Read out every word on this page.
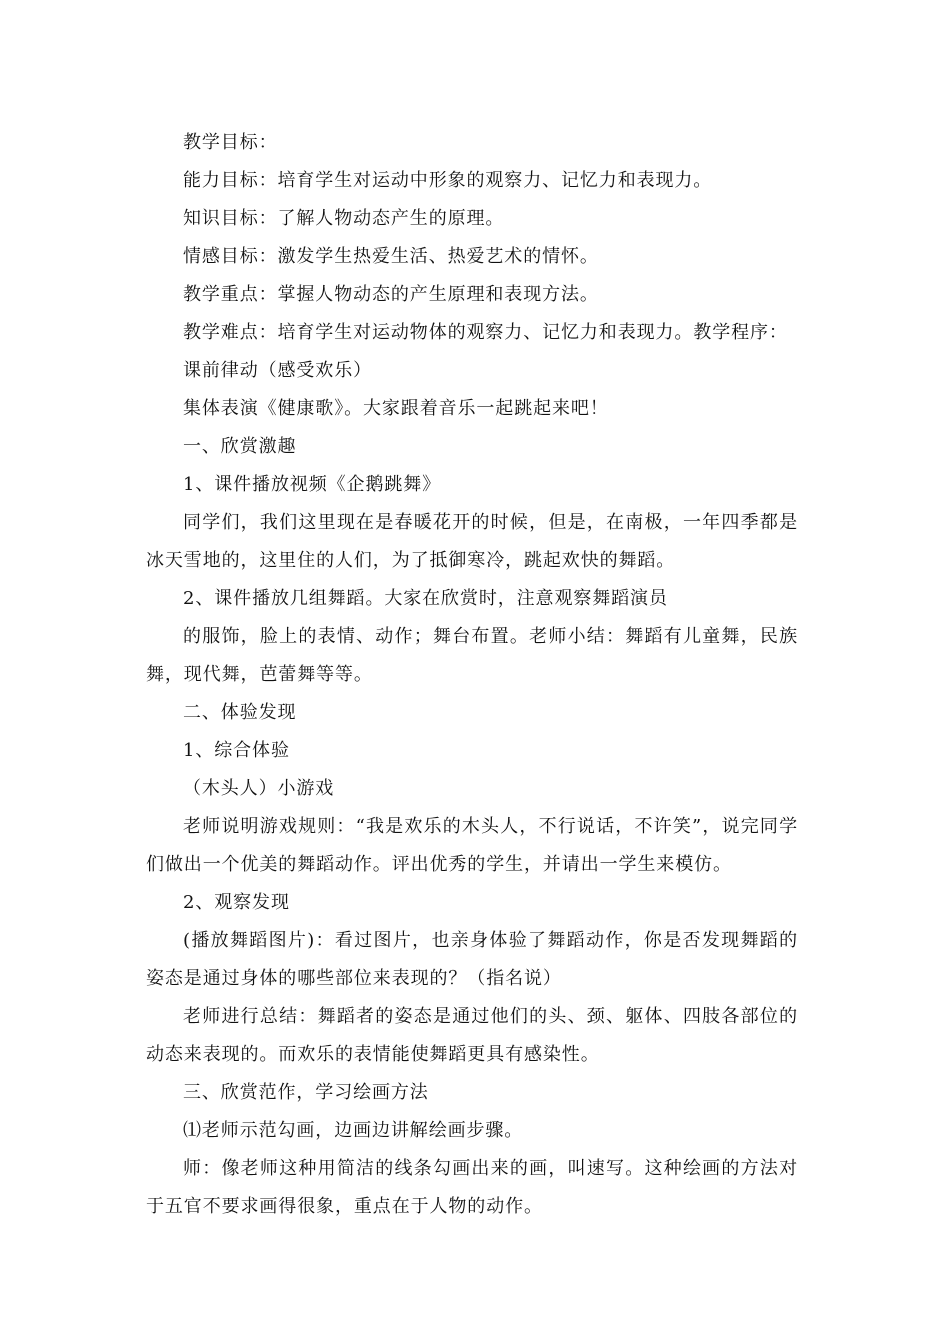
教学目标：

能力目标：培育学生对运动中形象的观察力、记忆力和表现力。

知识目标：了解人物动态产生的原理。

情感目标：激发学生热爱生活、热爱艺术的情怀。

教学重点：掌握人物动态的产生原理和表现方法。

教学难点：培育学生对运动物体的观察力、记忆力和表现力。教学程序：

课前律动（感受欢乐）

集体表演《健康歌》。大家跟着音乐一起跳起来吧！

一、欣赏激趣

1、课件播放视频《企鹅跳舞》

同学们，我们这里现在是春暖花开的时候，但是，在南极，一年四季都是冰天雪地的，这里住的人们，为了抵御寒冷，跳起欢快的舞蹈。

2、课件播放几组舞蹈。大家在欣赏时，注意观察舞蹈演员

的服饰，脸上的表情、动作；舞台布置。老师小结：舞蹈有儿童舞，民族舞，现代舞，芭蕾舞等等。

二、体验发现

1、综合体验

（木头人）小游戏

老师说明游戏规则：“我是欢乐的木头人，不行说话，不许笑”，说完同学们做出一个优美的舞蹈动作。评出优秀的学生，并请出一学生来模仿。

2、观察发现

(播放舞蹈图片)：看过图片，也亲身体验了舞蹈动作，你是否发现舞蹈的姿态是通过身体的哪些部位来表现的？（指名说）

老师进行总结：舞蹈者的姿态是通过他们的头、颈、躯体、四肢各部位的动态来表现的。而欢乐的表情能使舞蹈更具有感染性。

三、欣赏范作，学习绘画方法

⑴老师示范勾画，边画边讲解绘画步骤。

师：像老师这种用简洁的线条勾画出来的画，叫速写。这种绘画的方法对于五官不要求画得很象，重点在于人物的动作。
